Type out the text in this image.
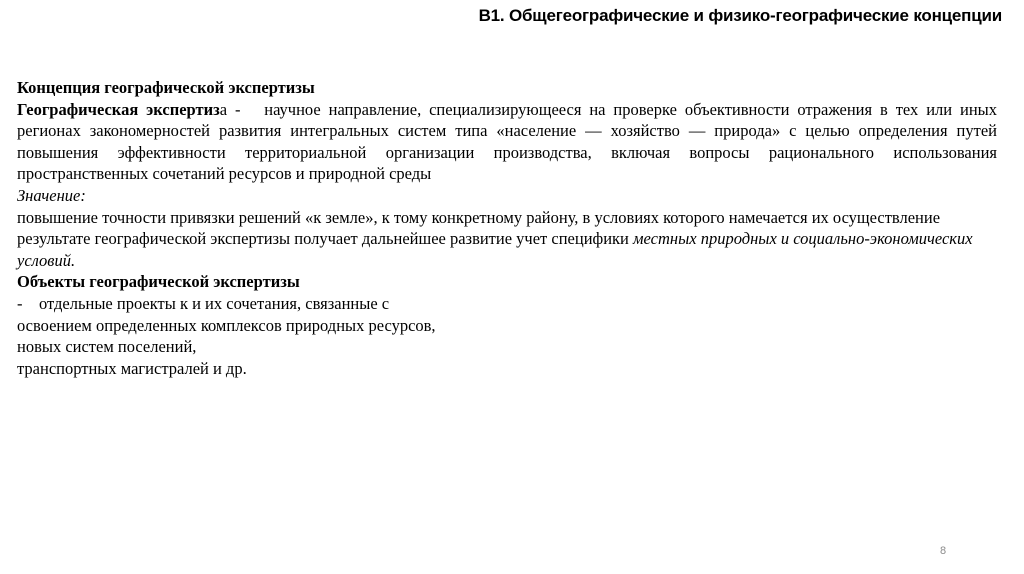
В1. Общегеографические и физико-географические концепции

Концепция географической экспертизы

Географическая экспертиза -   научное направление, специализирующееся на проверке объективности отражения в тех или иных регионах закономерностей развития интегральных систем типа «население — хозяйство — природа» с целью определения путей повышения эффективности территориальной организации производства, включая вопросы рационального использования пространственных сочетаний ресурсов и природной среды

Значение:

повышение точности привязки решений «к земле», к тому конкретному району, в условиях которого намечается их осуществление

результате географической экспертизы получает дальнейшее развитие учет специфики местных природных и социально-экономических условий.

Объекты географической экспертизы

-    отдельные проекты к и их сочетания, связанные с

освоением определенных комплексов природных ресурсов,

новых систем поселений,

транспортных магистралей и др.

8
